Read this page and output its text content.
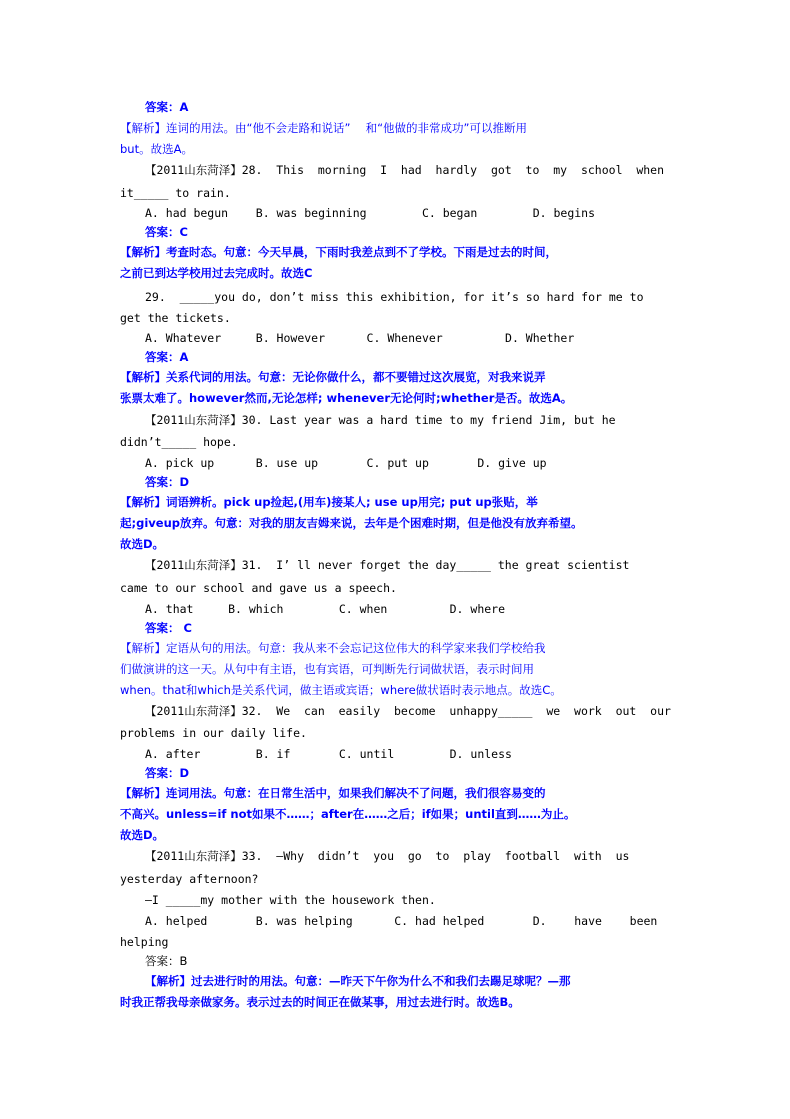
答案：A
【解析】连词的用法。由“他不会走路和说话”　 和“他做的非常成功”可以推断用
but。故选A。
【2011山东菏泽】28.  This  morning  I  had  hardly  got  to  my  school  when
it_____ to rain.
A. had begun    B. was beginning        C. began        D. begins
答案：C
【解析】考查时态。句意：今天早晨，下雨时我差点到不了学校。下雨是过去的时间，
之前已到达学校用过去完成时。故选C
29.  _____you do, don’t miss this exhibition, for it’s so hard for me to
get the tickets.
A. Whatever     B. However      C. Whenever         D. Whether
答案：A
【解析】关系代词的用法。句意：无论你做什么，都不要错过这次展览，对我来说弄
张票太难了。however然而,无论怎样; whenever无论何时;whether是否。故选A。
【2011山东菏泽】30. Last year was a hard time to my friend Jim, but he
didn’t_____ hope.
A. pick up      B. use up       C. put up       D. give up
答案：D
【解析】词语辨析。pick up捡起,(用车)接某人; use up用完; put up张贴，举
起;giveup放弃。句意：对我的朋友吉姆来说，去年是个困难时期，但是他没有放弃希望。
故选D。
【2011山东菏泽】31.  I’ ll never forget the day_____ the great scientist
came to our school and gave us a speech.
A. that     B. which        C. when         D. where
答案： C
【解析】定语从句的用法。句意：我从来不会忘记这位伟大的科学家来我们学校给我
们做演讲的这一天。从句中有主语，也有宾语，可判断先行词做状语，表示时间用
when。that和which是关系代词，做主语或宾语；where做状语时表示地点。故选C。
【2011山东菏泽】32.  We  can  easily  become  unhappy_____  we  work  out  our
problems in our daily life.
A. after        B. if       C. until        D. unless
答案：D
【解析】连词用法。句意：在日常生活中，如果我们解决不了问题，我们很容易变的
不高兴。unless=if not如果不……；after在……之后；if如果；until直到……为止。
故选D。
【2011山东菏泽】33.  —Why  didn’t  you  go  to  play  football  with  us
yesterday afternoon?
—I _____my mother with the housework then.
A. helped       B. was helping      C. had helped       D.    have    been
helping
答案：B
【解析】过去进行时的用法。句意：—昨天下午你为什么不和我们去踢足球呢？—那
时我正帮我母亲做家务。表示过去的时间正在做某事，用过去进行时。故选B。
